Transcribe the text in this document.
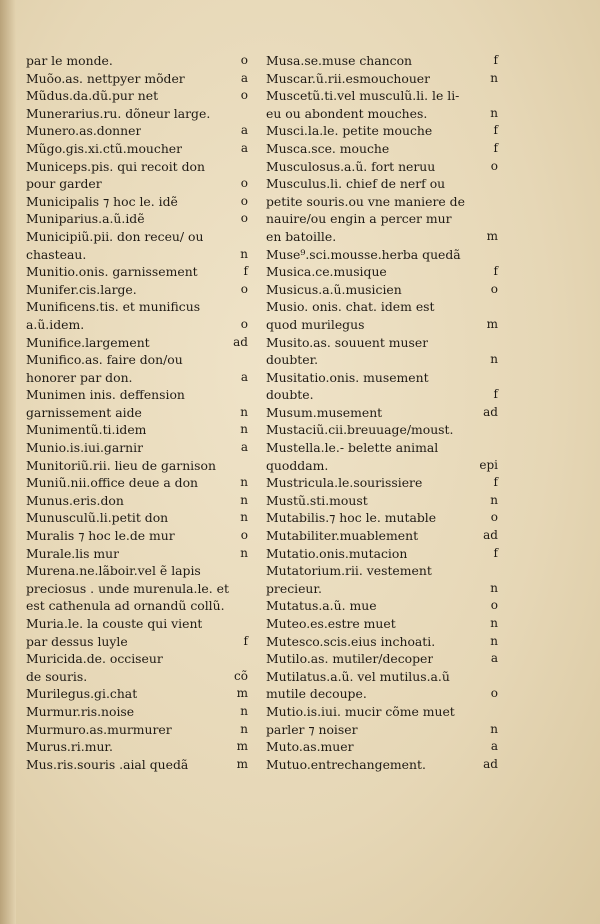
par le monde.	o
Muõo.as. nettpyer mõder	a
Mũdus.da.dũ.pur net	o
Munerarius.ru. dõneur large.
Munero.as.donner	a
Mũgo.gis.xi.ctũ.moucher	a
Municeps.pis. qui recoit don
pour garder	o
Municipalis ⁊ hoc le. idẽ	o
Muniparius.a.ũ.idẽ	o
Municipiũ.pii. don receu/ ou
chasteau.	n
Munitio.onis. garnissement	f
Munifer.cis.large.	o
Munificens.tis. et munificus
a.ũ.idem.	o
Munifice.largement	ad
Munifico.as. faire don/ou
honorer par don.	a
Munimen inis. deffension
garnissement aide	n
Munimentũ.ti.idem	n
Munio.is.iui.garnir	a
Munitoriũ.rii. lieu de garnison
Muniũ.nii.office deue a don	n
Munus.eris.don	n
Munusculũ.li.petit don	n
Muralis ⁊ hoc le.de mur	o
Murale.lis mur	n
Murena.ne.lãboir.vel ẽ lapis
preciosus . unde murenula.le. et
est cathenula ad ornandũ collũ.
Muria.le. la couste qui vient
par dessus luyle	f
Muricida.de. occiseur
de souris.	cõ
Murilegus.gi.chat	m
Murmur.ris.noise	n
Murmuro.as.murmurer	n
Murus.ri.mur.	m
Mus.ris.souris .aial quedã	m
Musa.se.muse chancon	f
Muscar.ũ.rii.esmouchouer	n
Muscetũ.ti.vel musculũ.li. le li-
eu ou abondent mouches.	n
Musci.la.le. petite mouche	f
Musca.sce. mouche	f
Musculosus.a.ũ. fort neruu	o
Musculus.li. chief de nerf ou
petite souris.ou vne maniere de
nauire/ou engin a percer mur
en batoille.	m
Muse⁹.sci.mousse.herba quedã
Musica.ce.musique	f
Musicus.a.ũ.musicien	o
Musio. onis. chat. idem est
quod murilegus	m
Musito.as. souuent muser
doubter.	n
Musitatio.onis. musement
doubte.	f
Musum.musement	ad
Mustaciũ.cii.breuuage/moust.
Mustella.le.- belette animal
quoddam.	epi
Mustricula.le.sourissiere	f
Mustũ.sti.moust	n
Mutabilis.⁊ hoc le. mutable	o
Mutabiliter.muablement	ad
Mutatio.onis.mutacion	f
Mutatorium.rii. vestement
precieur.	n
Mutatus.a.ũ. mue	o
Muteo.es.estre muet	n
Mutesco.scis.eius inchoati.	n
Mutilo.as. mutiler/decoper	a
Mutilatus.a.ũ. vel mutilus.a.ũ
mutile decoupe.	o
Mutio.is.iui. mucir cõme muet
parler ⁊ noiser	n
Muto.as.muer	a
Mutuo.entrechangement.	ad
